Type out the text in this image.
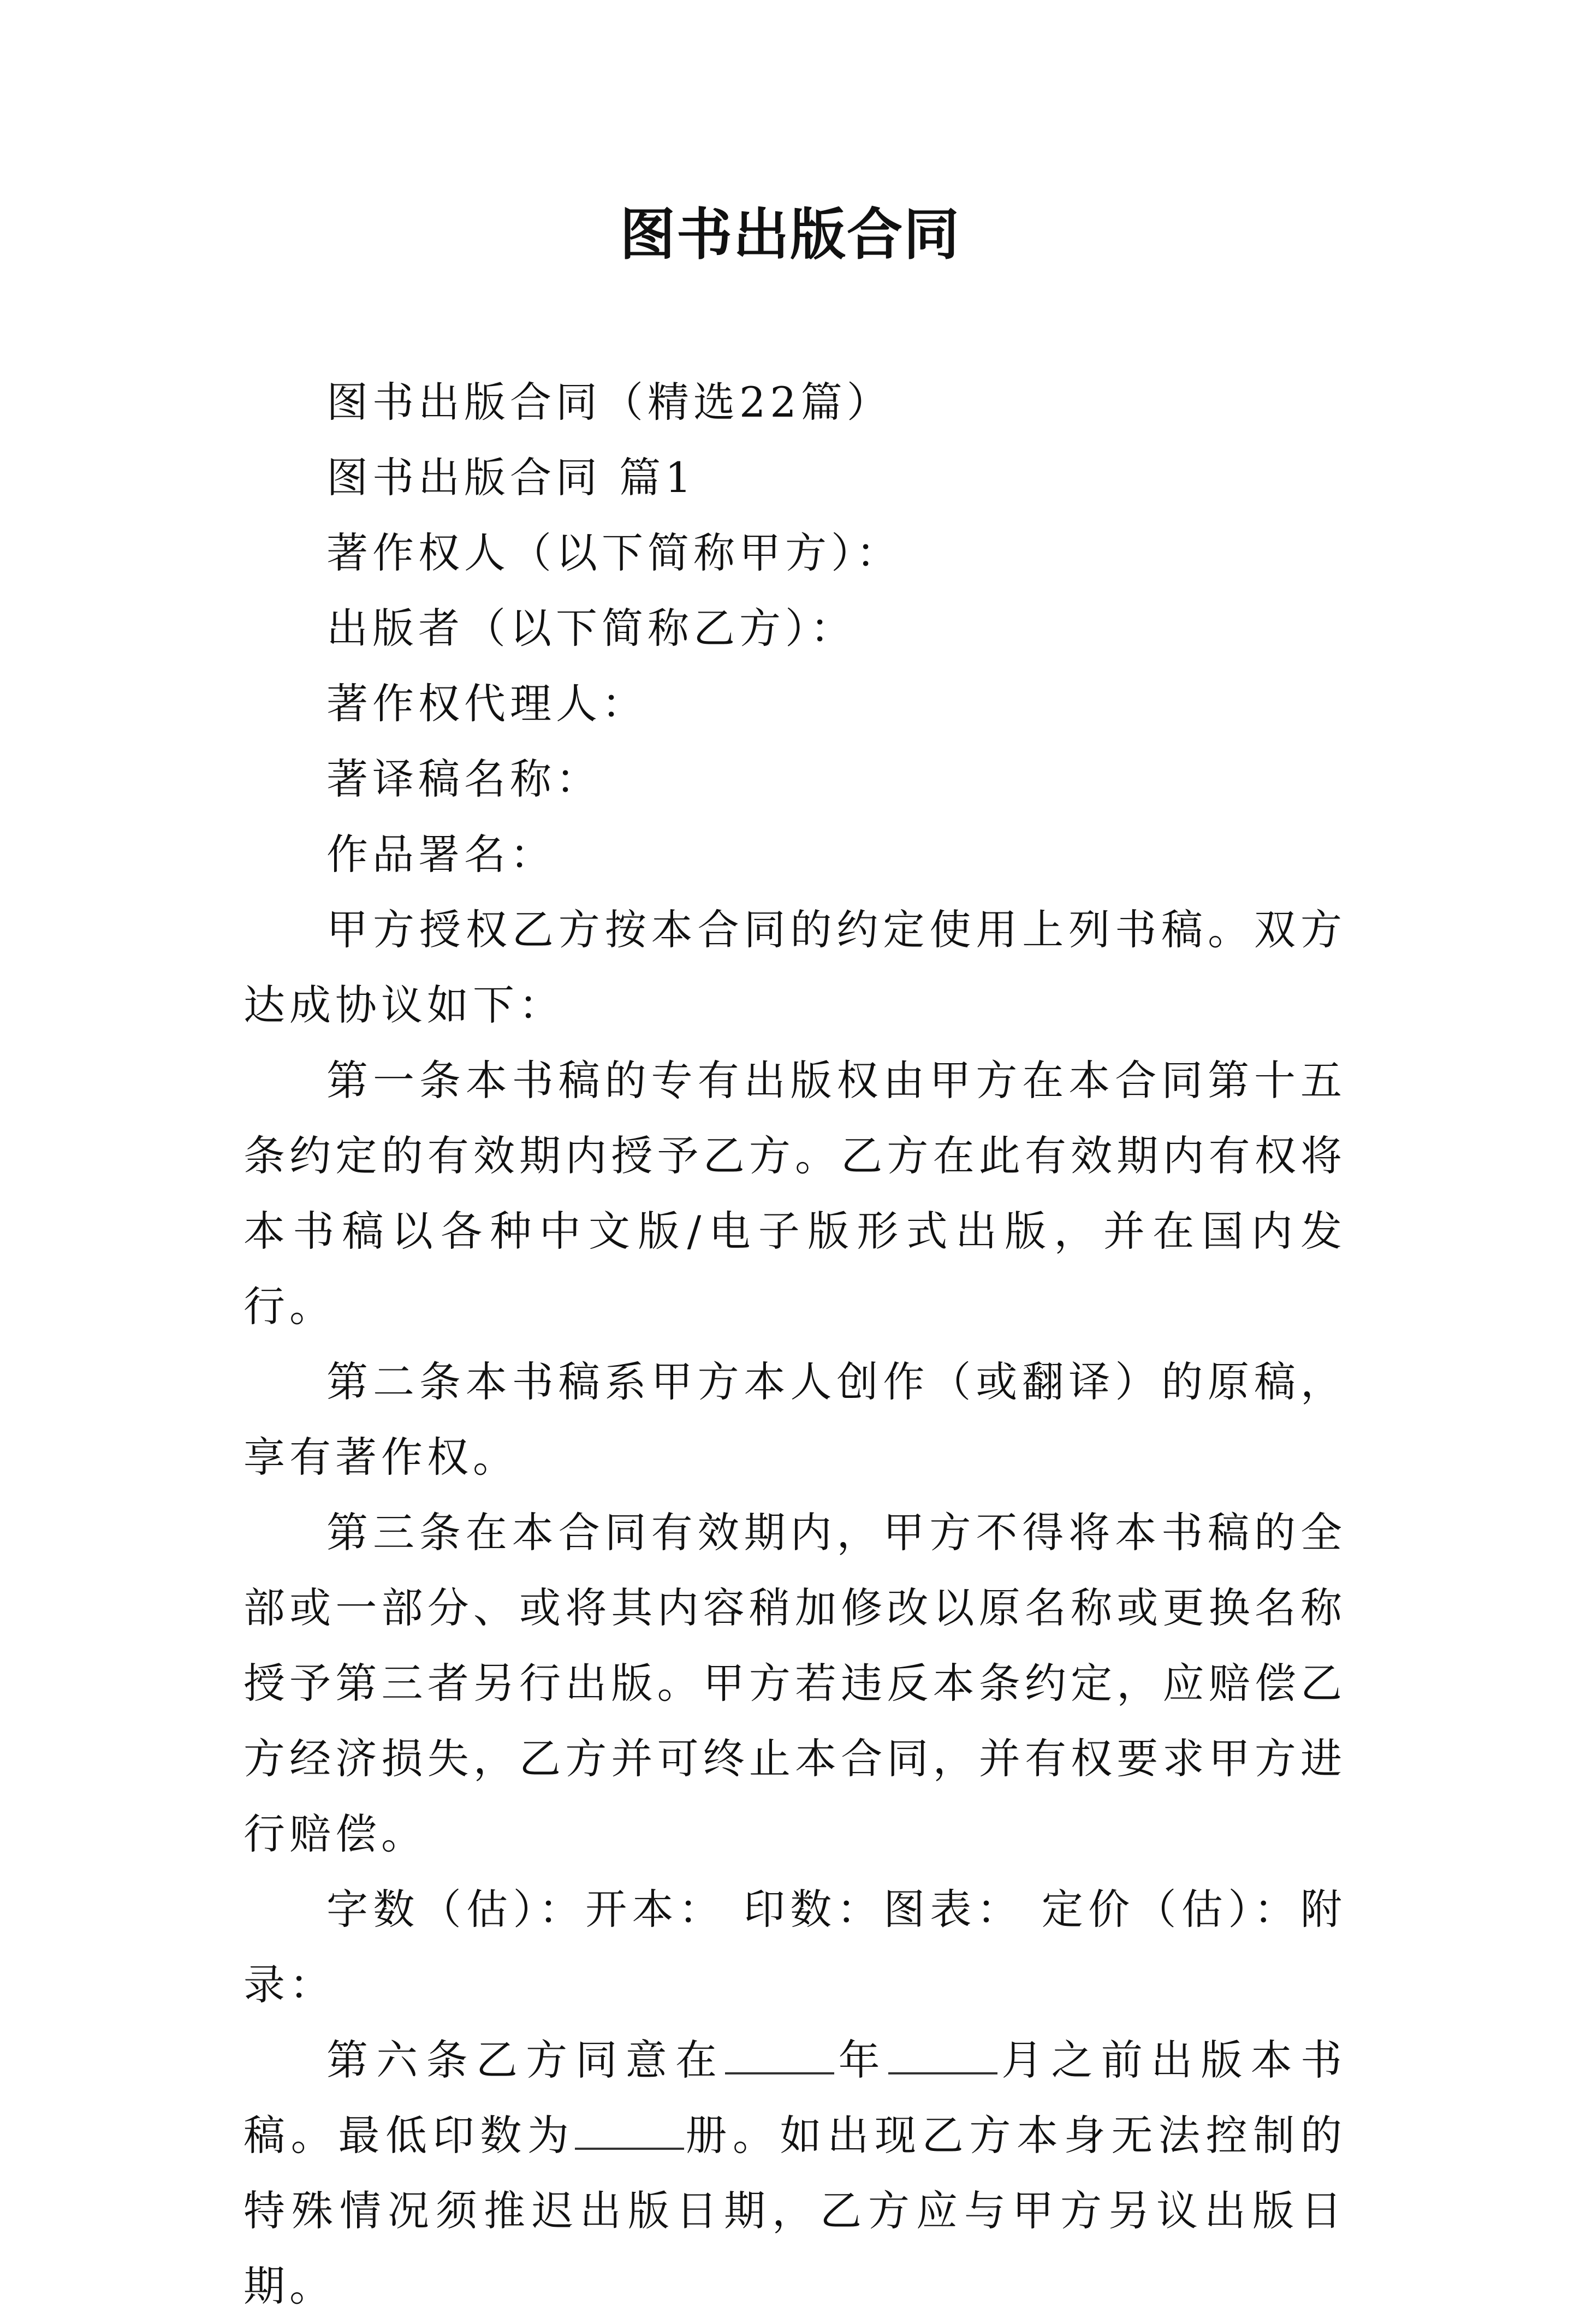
图书出版合同

图书出版合同（精选22篇）

图书出版合同 篇1

著作权人（以下简称甲方）：

出版者（以下简称乙方）：

著作权代理人：

著译稿名称：

作品署名：

甲方授权乙方按本合同的约定使用上列书稿。双方达成协议如下：

第一条本书稿的专有出版权由甲方在本合同第十五条约定的有效期内授予乙方。乙方在此有效期内有权将本书稿以各种中文版/电子版形式出版，并在国内发行。

第二条本书稿系甲方本人创作（或翻译）的原稿，享有著作权。

第三条在本合同有效期内，甲方不得将本书稿的全部或一部分、或将其内容稍加修改以原名称或更换名称授予第三者另行出版。甲方若违反本条约定，应赔偿乙方经济损失，乙方并可终止本合同，并有权要求甲方进行赔偿。

字数（估）：开本： 印数：图表： 定价（估）：附录：

第六条乙方同意在	年	月之前出版本书稿。最低印数为	册。如出现乙方本身无法控制的特殊情况须推迟出版日期，乙方应与甲方另议出版日期。
